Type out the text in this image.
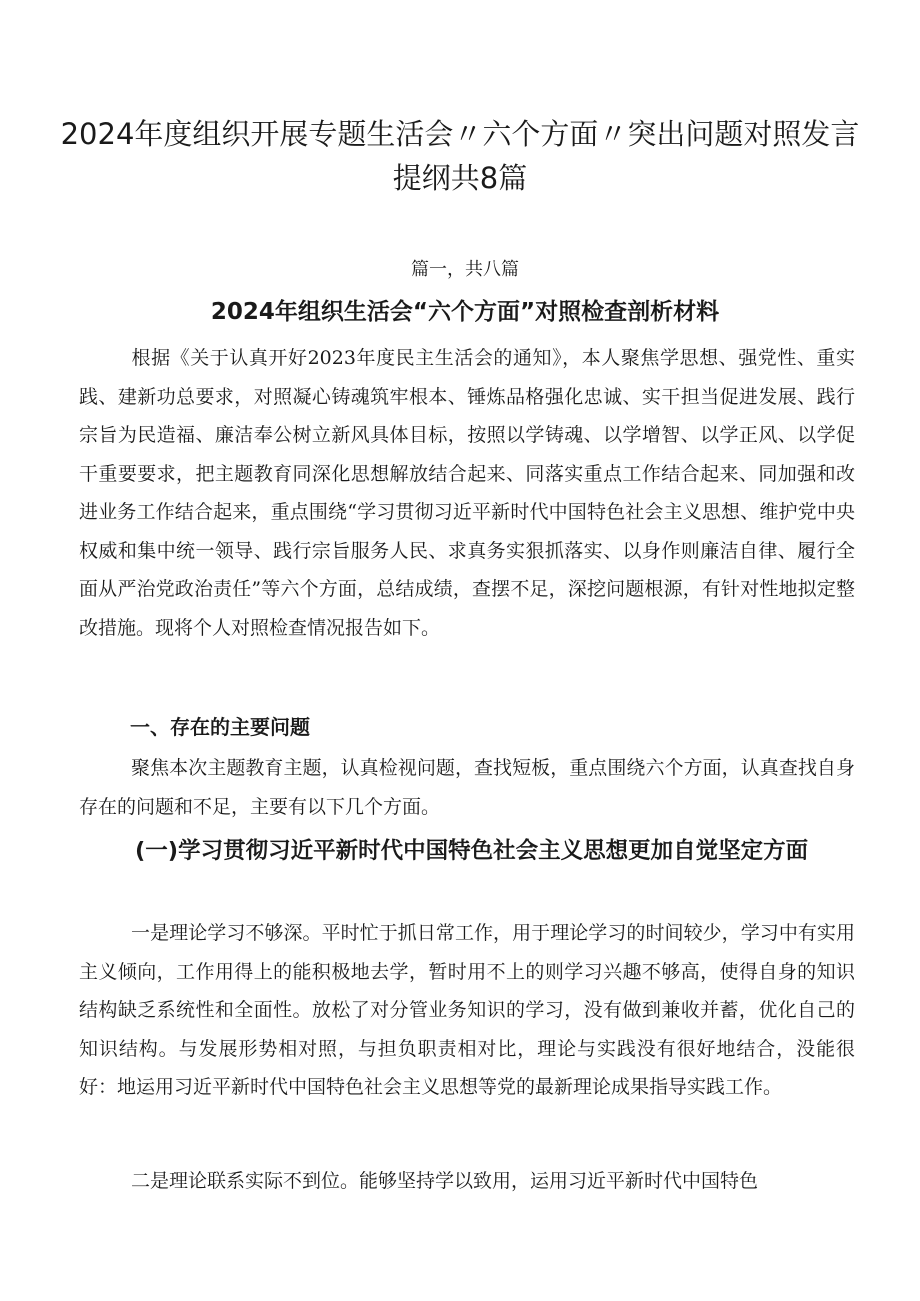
2024年度组织开展专题生活会〃六个方面〃突出问题对照发言提纲共8篇

篇一，共八篇

2024年组织生活会“六个方面”对照检查剖析材料

根据《关于认真开好2023年度民主生活会的通知》，本人聚焦学思想、强党性、重实践、建新功总要求，对照凝心铸魂筑牢根本、锤炼品格强化忠诚、实干担当促进发展、践行宗旨为民造福、廉洁奉公树立新风具体目标，按照以学铸魂、以学增智、以学正风、以学促干重要要求，把主题教育同深化思想解放结合起来、同落实重点工作结合起来、同加强和改进业务工作结合起来，重点围绕“学习贯彻习近平新时代中国特色社会主义思想、维护党中央权威和集中统一领导、践行宗旨服务人民、求真务实狠抓落实、以身作则廉洁自律、履行全面从严治党政治责任”等六个方面，总结成绩，查摆不足，深挖问题根源，有针对性地拟定整改措施。现将个人对照检查情况报告如下。

一、存在的主要问题

聚焦本次主题教育主题，认真检视问题，查找短板，重点围绕六个方面，认真查找自身存在的问题和不足，主要有以下几个方面。

(一)学习贯彻习近平新时代中国特色社会主义思想更加自觉坚定方面

一是理论学习不够深。平时忙于抓日常工作，用于理论学习的时间较少，学习中有实用主义倾向，工作用得上的能积极地去学，暂时用不上的则学习兴趣不够高，使得自身的知识结构缺乏系统性和全面性。放松了对分管业务知识的学习，没有做到兼收并蓄，优化自己的知识结构。与发展形势相对照，与担负职责相对比，理论与实践没有很好地结合，没能很好：地运用习近平新时代中国特色社会主义思想等党的最新理论成果指导实践工作。

二是理论联系实际不到位。能够坚持学以致用，运用习近平新时代中国特色
